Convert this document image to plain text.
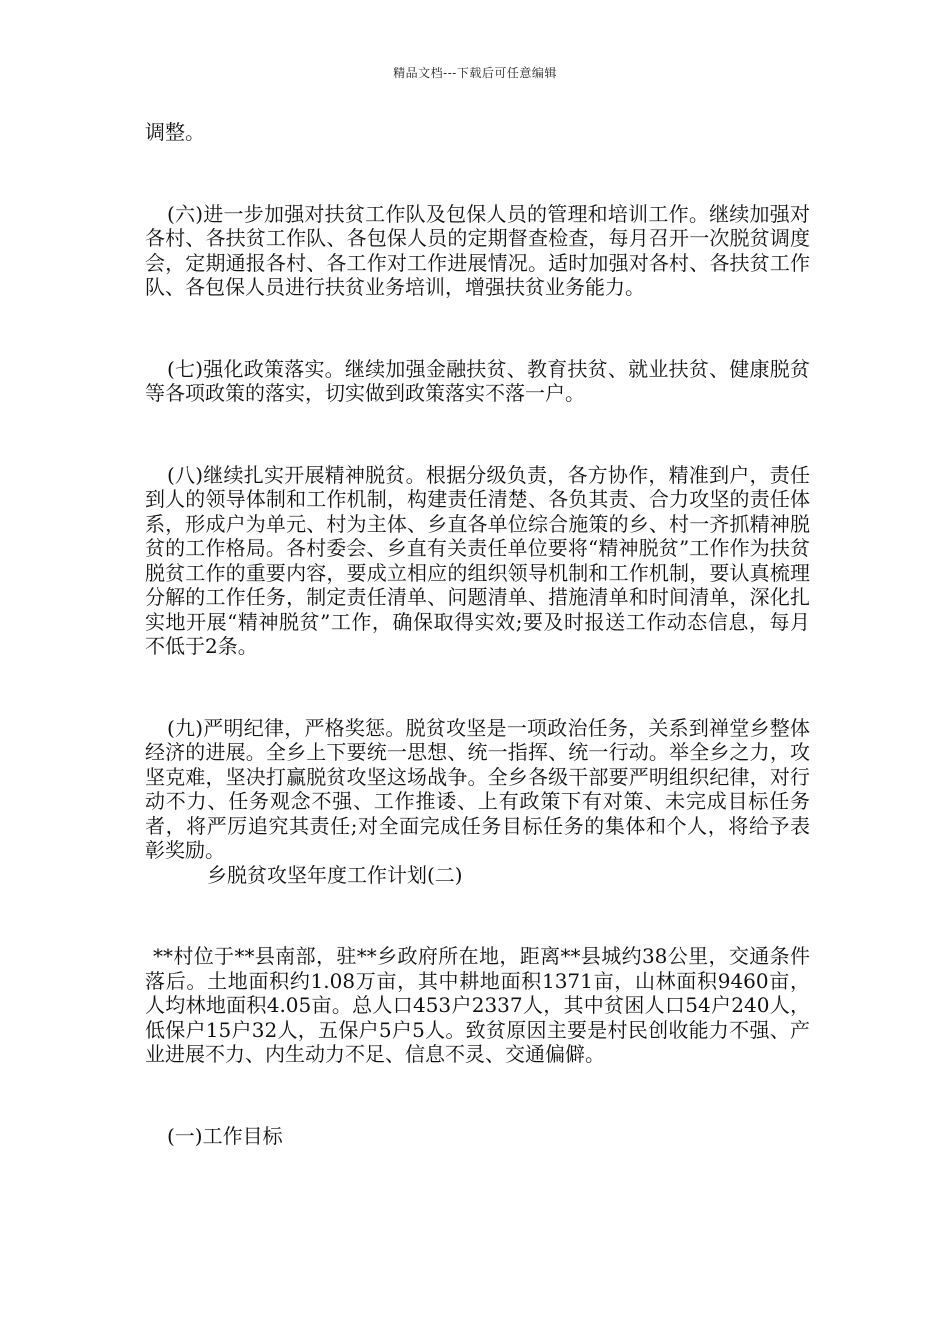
精品文档---下载后可任意编辑

调整。

(六)进一步加强对扶贫工作队及包保人员的管理和培训工作。继续加强对各村、各扶贫工作队、各包保人员的定期督查检查，每月召开一次脱贫调度会，定期通报各村、各工作对工作进展情况。适时加强对各村、各扶贫工作队、各包保人员进行扶贫业务培训，增强扶贫业务能力。

(七)强化政策落实。继续加强金融扶贫、教育扶贫、就业扶贫、健康脱贫等各项政策的落实，切实做到政策落实不落一户。

(八)继续扎实开展精神脱贫。根据分级负责，各方协作，精准到户，责任到人的领导体制和工作机制，构建责任清楚、各负其责、合力攻坚的责任体系，形成户为单元、村为主体、乡直各单位综合施策的乡、村一齐抓精神脱贫的工作格局。各村委会、乡直有关责任单位要将“精神脱贫”工作作为扶贫脱贫工作的重要内容，要成立相应的组织领导机制和工作机制，要认真梳理分解的工作任务，制定责任清单、问题清单、措施清单和时间清单，深化扎实地开展“精神脱贫”工作，确保取得实效;要及时报送工作动态信息，每月不低于2条。

(九)严明纪律，严格奖惩。脱贫攻坚是一项政治任务，关系到禅堂乡整体经济的进展。全乡上下要统一思想、统一指挥、统一行动。举全乡之力，攻坚克难，坚决打赢脱贫攻坚这场战争。全乡各级干部要严明组织纪律，对行动不力、任务观念不强、工作推诿、上有政策下有对策、未完成目标任务者，将严厉追究其责任;对全面完成任务目标任务的集体和个人，将给予表彰奖励。

乡脱贫攻坚年度工作计划(二)

**村位于**县南部，驻**乡政府所在地，距离**县城约38公里，交通条件落后。土地面积约1.08万亩，其中耕地面积1371亩，山林面积9460亩，人均林地面积4.05亩。总人口453户2337人，其中贫困人口54户240人，低保户15户32人，五保户5户5人。致贫原因主要是村民创收能力不强、产业进展不力、内生动力不足、信息不灵、交通偏僻。

(一)工作目标
